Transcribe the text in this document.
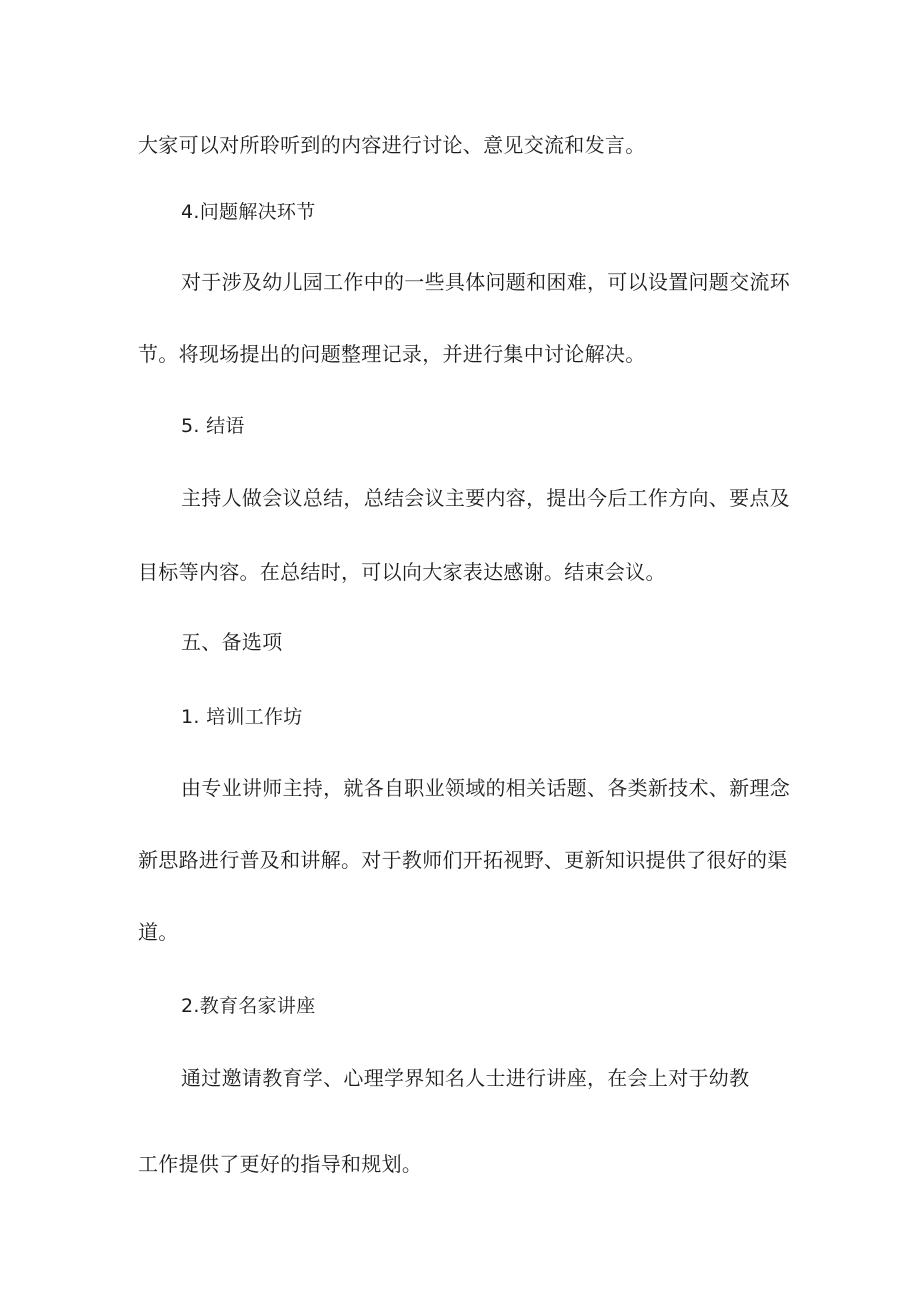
大家可以对所聆听到的内容进行讨论、意见交流和发言。
4.问题解决环节
对于涉及幼儿园工作中的一些具体问题和困难，可以设置问题交流环
节。将现场提出的问题整理记录，并进行集中讨论解决。
5. 结语
主持人做会议总结，总结会议主要内容，提出今后工作方向、要点及
目标等内容。在总结时，可以向大家表达感谢。结束会议。
五、备选项
1. 培训工作坊
由专业讲师主持，就各自职业领域的相关话题、各类新技术、新理念
新思路进行普及和讲解。对于教师们开拓视野、更新知识提供了很好的渠
道。
2.教育名家讲座
通过邀请教育学、心理学界知名人士进行讲座，在会上对于幼教
工作提供了更好的指导和规划。
